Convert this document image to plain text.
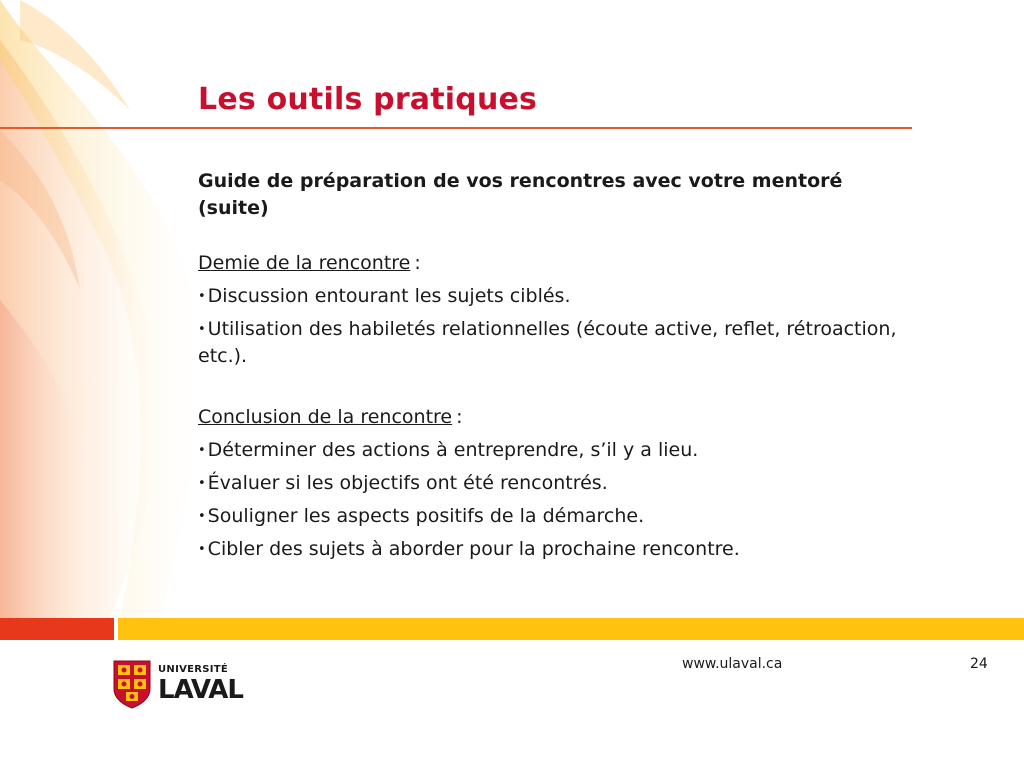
Les outils pratiques

Guide de préparation de vos rencontres avec votre mentoré (suite)

Demie de la rencontre :

• Discussion entourant les sujets ciblés.
• Utilisation des habiletés relationnelles (écoute active, reflet, rétroaction, etc.).

Conclusion de la rencontre :

• Déterminer des actions à entreprendre, s’il y a lieu.
• Évaluer si les objectifs ont été rencontrés.
• Souligner les aspects positifs de la démarche.
• Cibler des sujets à aborder pour la prochaine rencontre.
UNIVERSITÉ
LAVAL
www.ulaval.ca	24
